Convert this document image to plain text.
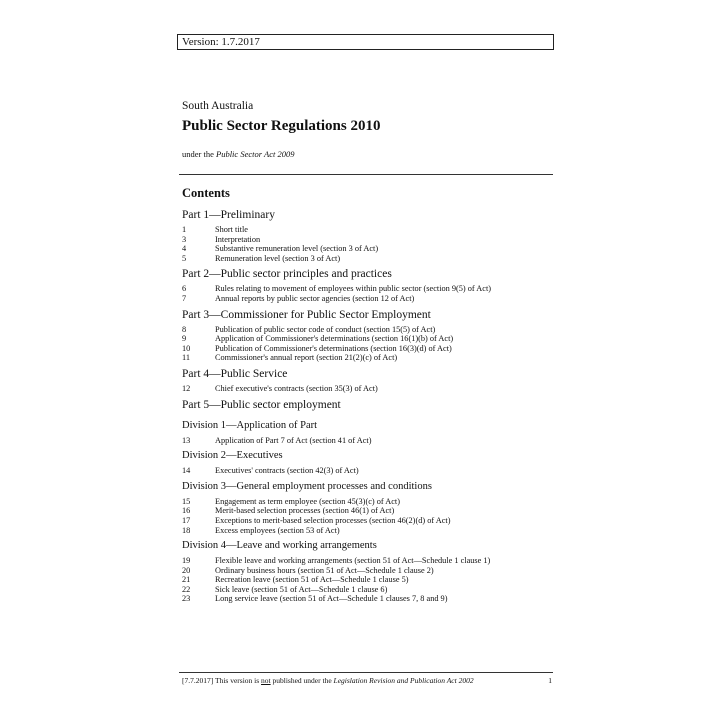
Version: 1.7.2017
South Australia
Public Sector Regulations 2010
under the Public Sector Act 2009
Contents
Part 1—Preliminary
1	Short title
3	Interpretation
4	Substantive remuneration level (section 3 of Act)
5	Remuneration level (section 3 of Act)
Part 2—Public sector principles and practices
6	Rules relating to movement of employees within public sector (section 9(5) of Act)
7	Annual reports by public sector agencies (section 12 of Act)
Part 3—Commissioner for Public Sector Employment
8	Publication of public sector code of conduct (section 15(5) of Act)
9	Application of Commissioner's determinations (section 16(1)(b) of Act)
10	Publication of Commissioner's determinations (section 16(3)(d) of Act)
11	Commissioner's annual report (section 21(2)(c) of Act)
Part 4—Public Service
12	Chief executive's contracts (section 35(3) of Act)
Part 5—Public sector employment
Division 1—Application of Part
13	Application of Part 7 of Act (section 41 of Act)
Division 2—Executives
14	Executives' contracts (section 42(3) of Act)
Division 3—General employment processes and conditions
15	Engagement as term employee (section 45(3)(c) of Act)
16	Merit-based selection processes (section 46(1) of Act)
17	Exceptions to merit-based selection processes (section 46(2)(d) of Act)
18	Excess employees (section 53 of Act)
Division 4—Leave and working arrangements
19	Flexible leave and working arrangements (section 51 of Act—Schedule 1 clause 1)
20	Ordinary business hours (section 51 of Act—Schedule 1 clause 2)
21	Recreation leave (section 51 of Act—Schedule 1 clause 5)
22	Sick leave (section 51 of Act—Schedule 1 clause 6)
23	Long service leave (section 51 of Act—Schedule 1 clauses 7, 8 and 9)
[7.7.2017] This version is not published under the Legislation Revision and Publication Act 2002	1
